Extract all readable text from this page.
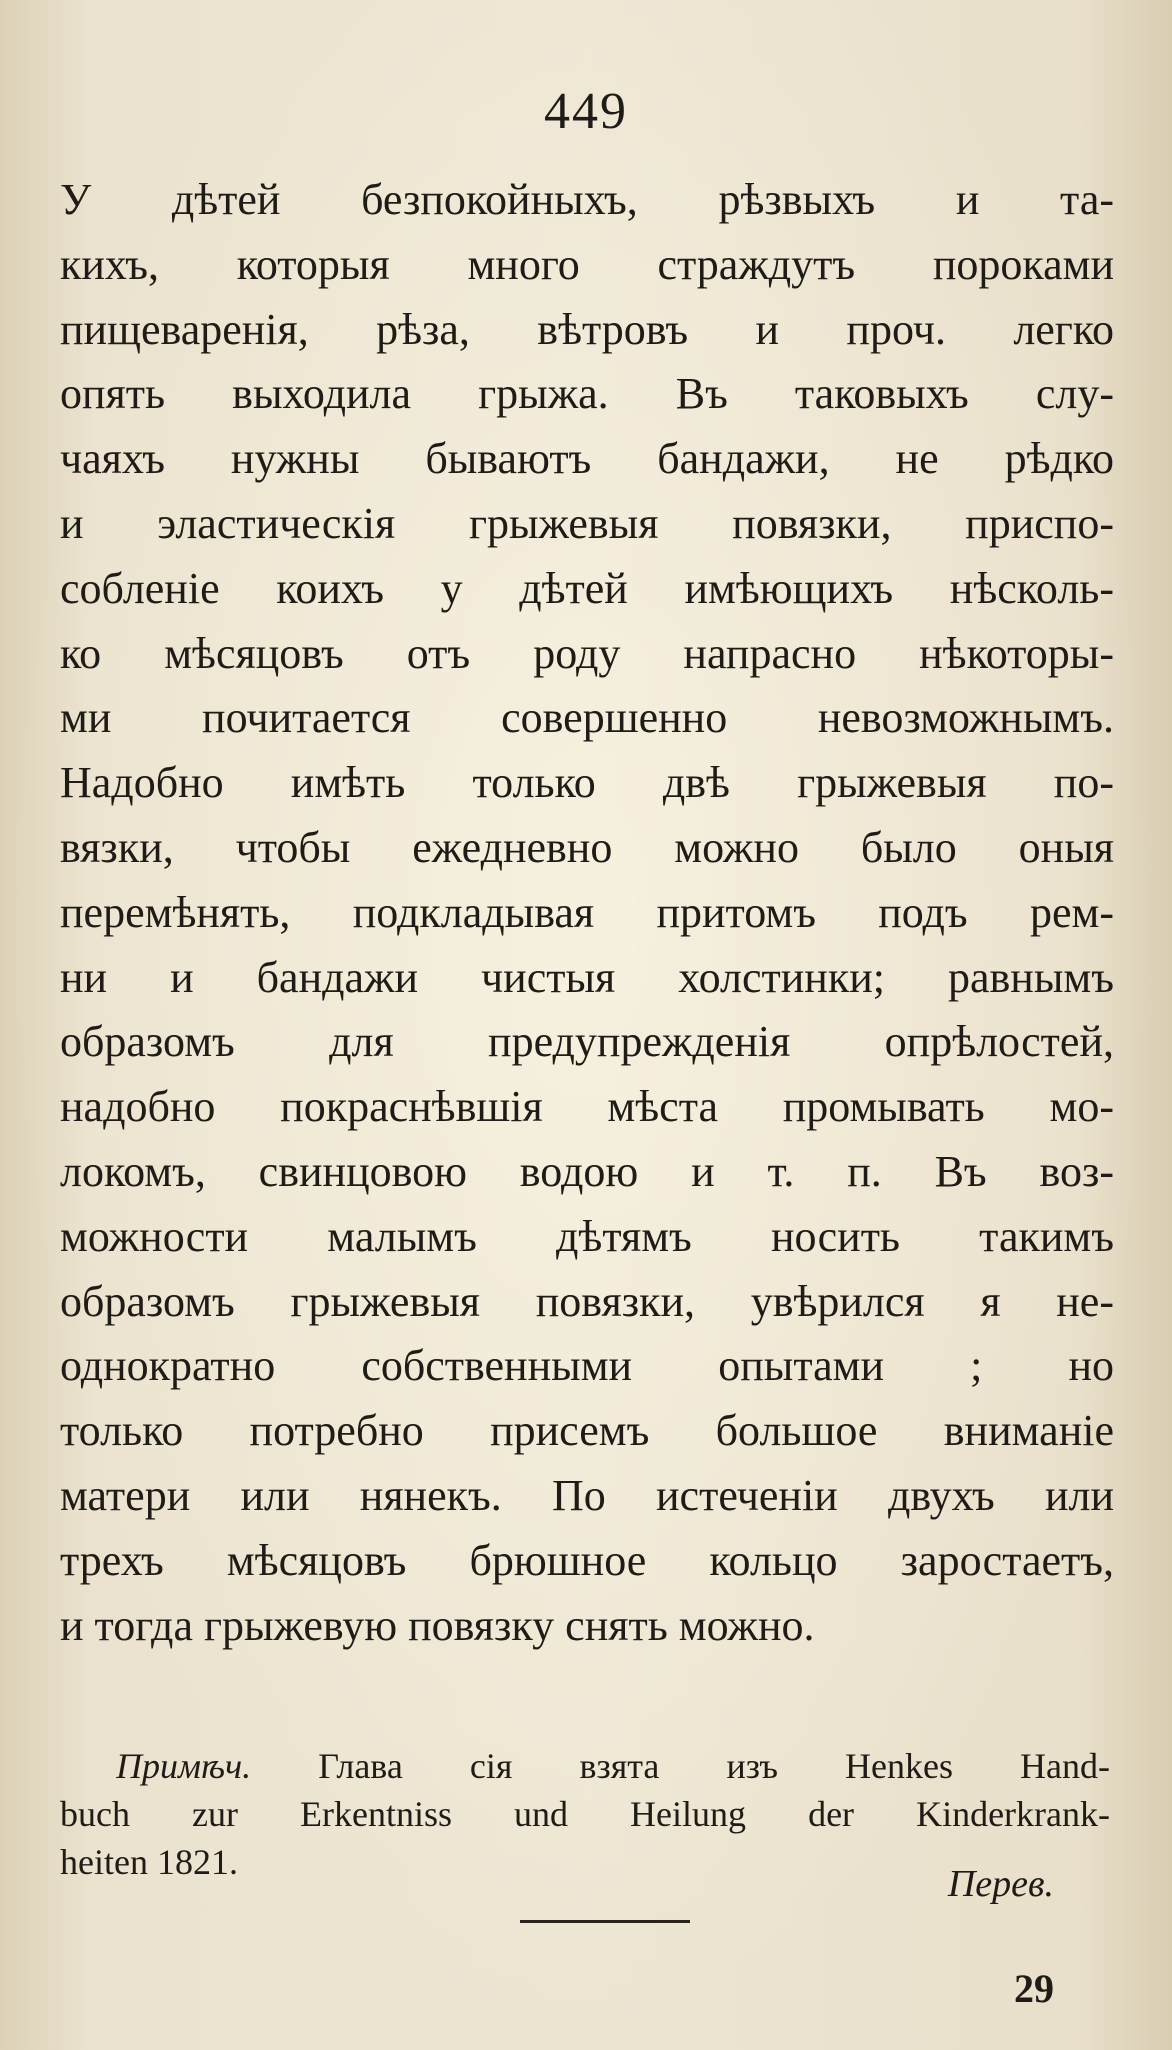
449
У дѣтей безпокойныхъ, рѣзвыхъ и та-
кихъ, которыя много страждутъ пороками
пищеваренія, рѣза, вѣтровъ и проч. легко
опять выходила грыжа. Въ таковыхъ слу-
чаяхъ нужны бываютъ бандажи, не рѣдко
и эластическія грыжевыя повязки, приспо-
собленіе коихъ у дѣтей имѣющихъ нѣсколь-
ко мѣсяцовъ отъ роду напрасно нѣкоторы-
ми почитается совершенно невозможнымъ.
Надобно имѣть только двѣ грыжевыя по-
вязки, чтобы ежедневно можно было оныя
перемѣнять, подкладывая притомъ подъ рем-
ни и бандажи чистыя холстинки; равнымъ
образомъ для предупрежденія опрѣлостей,
надобно покраснѣвшія мѣста промывать мо-
локомъ, свинцовою водою и т. п. Въ воз-
можности малымъ дѣтямъ носить такимъ
образомъ грыжевыя повязки, увѣрился я не-
однократно собственными опытами ; но
только потребно присемъ большое вниманіе
матери или нянекъ. По истеченіи двухъ или
трехъ мѣсяцовъ брюшное кольцо заростаетъ,
и тогда грыжевую повязку снять можно.
Примѣч. Глава сія взята изъ Henkes Hand-
buch zur Erkentniss und Heilung der Kinderkrank-
heiten 1821.
Перев.
29
